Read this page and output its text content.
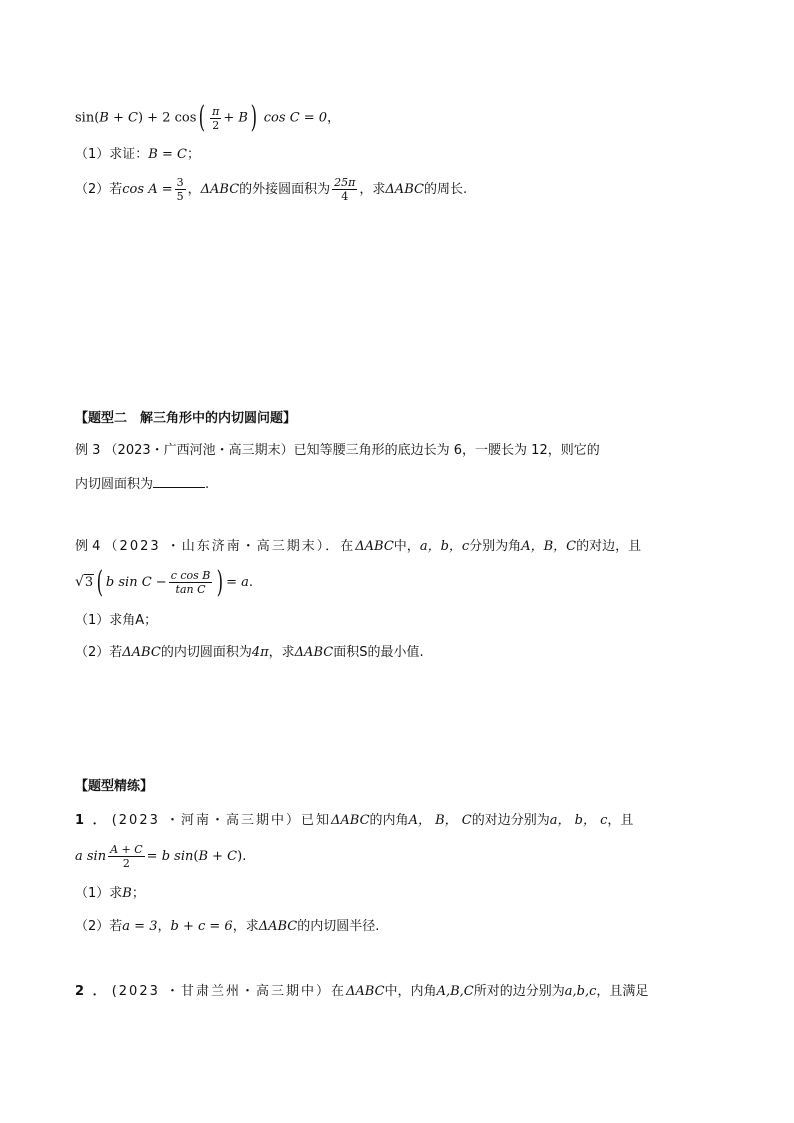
sin(B + C) + 2 $\cos( \frac{\pi}{2} + B)$ cos C = 0，
（1）求证：B = C；
（2）若$\cos A = \frac{3}{5}$ ，ΔABC的外接圆面积为 $\frac{25\pi}{4}$ ，求ΔABC的周长.
【题型二　解三角形中的内切圆问题】
例 3 （2023・广西河池・高三期末）已知等腰三角形的底边长为 6，一腰长为 12，则它的
内切圆面积为	.
例 4 （2023 ・山东济南・高三期末）．在ΔABC中，a，b，c分别为角A，B，C的对边，且
√3 ( b $\sin C - \frac{\text{c cos B}}{\text{tan C}}$ ) = a.
（1）求角A；
（2）若ΔABC的内切圆面积为4π，求ΔABC面积S的最小值.
【题型精练】
1 ． (2023 ・河南・高三期中）已知ΔABC的内角A， B， C的对边分别为a， b， c，且
a $\sin \frac{A + C}{2} = b$ sin(B + C).
（1）求B；
（2）若a = 3，b + c = 6，求ΔABC的内切圆半径.
2 ． (2023 ・甘肃兰州・高三期中）在ΔABC中，内角A,B,C所对的边分别为a,b,c，且满足
